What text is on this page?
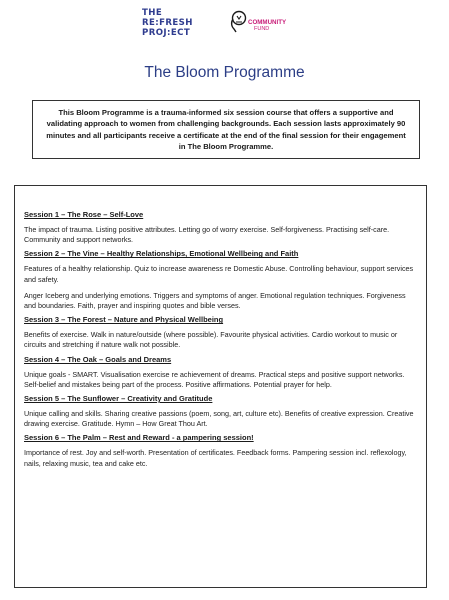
THE
RE:FRESH
PROJ:ECT
COMMUNITY
FUND
The Bloom Programme

This Bloom Programme is a trauma-informed six session course that offers a supportive and validating approach to women from challenging backgrounds. Each session lasts approximately 90 minutes and all participants receive a certificate at the end of the final session for their engagement in The Bloom Programme.

Session 1 – The Rose – Self-Love

The impact of trauma. Listing positive attributes. Letting go of worry exercise. Self-forgiveness. Practising self-care. Community and support networks.

Session 2 – The Vine – Healthy Relationships, Emotional Wellbeing and Faith

Features of a healthy relationship. Quiz to increase awareness re Domestic Abuse. Controlling behaviour, support services and safety.

Anger Iceberg and underlying emotions. Triggers and symptoms of anger. Emotional regulation techniques. Forgiveness and boundaries. Faith, prayer and inspiring quotes and bible verses.

Session 3 – The Forest – Nature and Physical Wellbeing

Benefits of exercise. Walk in nature/outside (where possible). Favourite physical activities. Cardio workout to music or circuits and stretching if nature walk not possible.

Session 4 – The Oak – Goals and Dreams

Unique goals - SMART. Visualisation exercise re achievement of dreams. Practical steps and positive support networks. Self-belief and mistakes being part of the process. Positive affirmations. Potential prayer for help.

Session 5 – The Sunflower – Creativity and Gratitude

Unique calling and skills. Sharing creative passions (poem, song, art, culture etc). Benefits of creative expression. Creative drawing exercise. Gratitude. Hymn – How Great Thou Art.

Session 6 – The Palm – Rest and Reward - a pampering session!

Importance of rest. Joy and self-worth. Presentation of certificates. Feedback forms. Pampering session incl. reflexology, nails, relaxing music, tea and cake etc.
